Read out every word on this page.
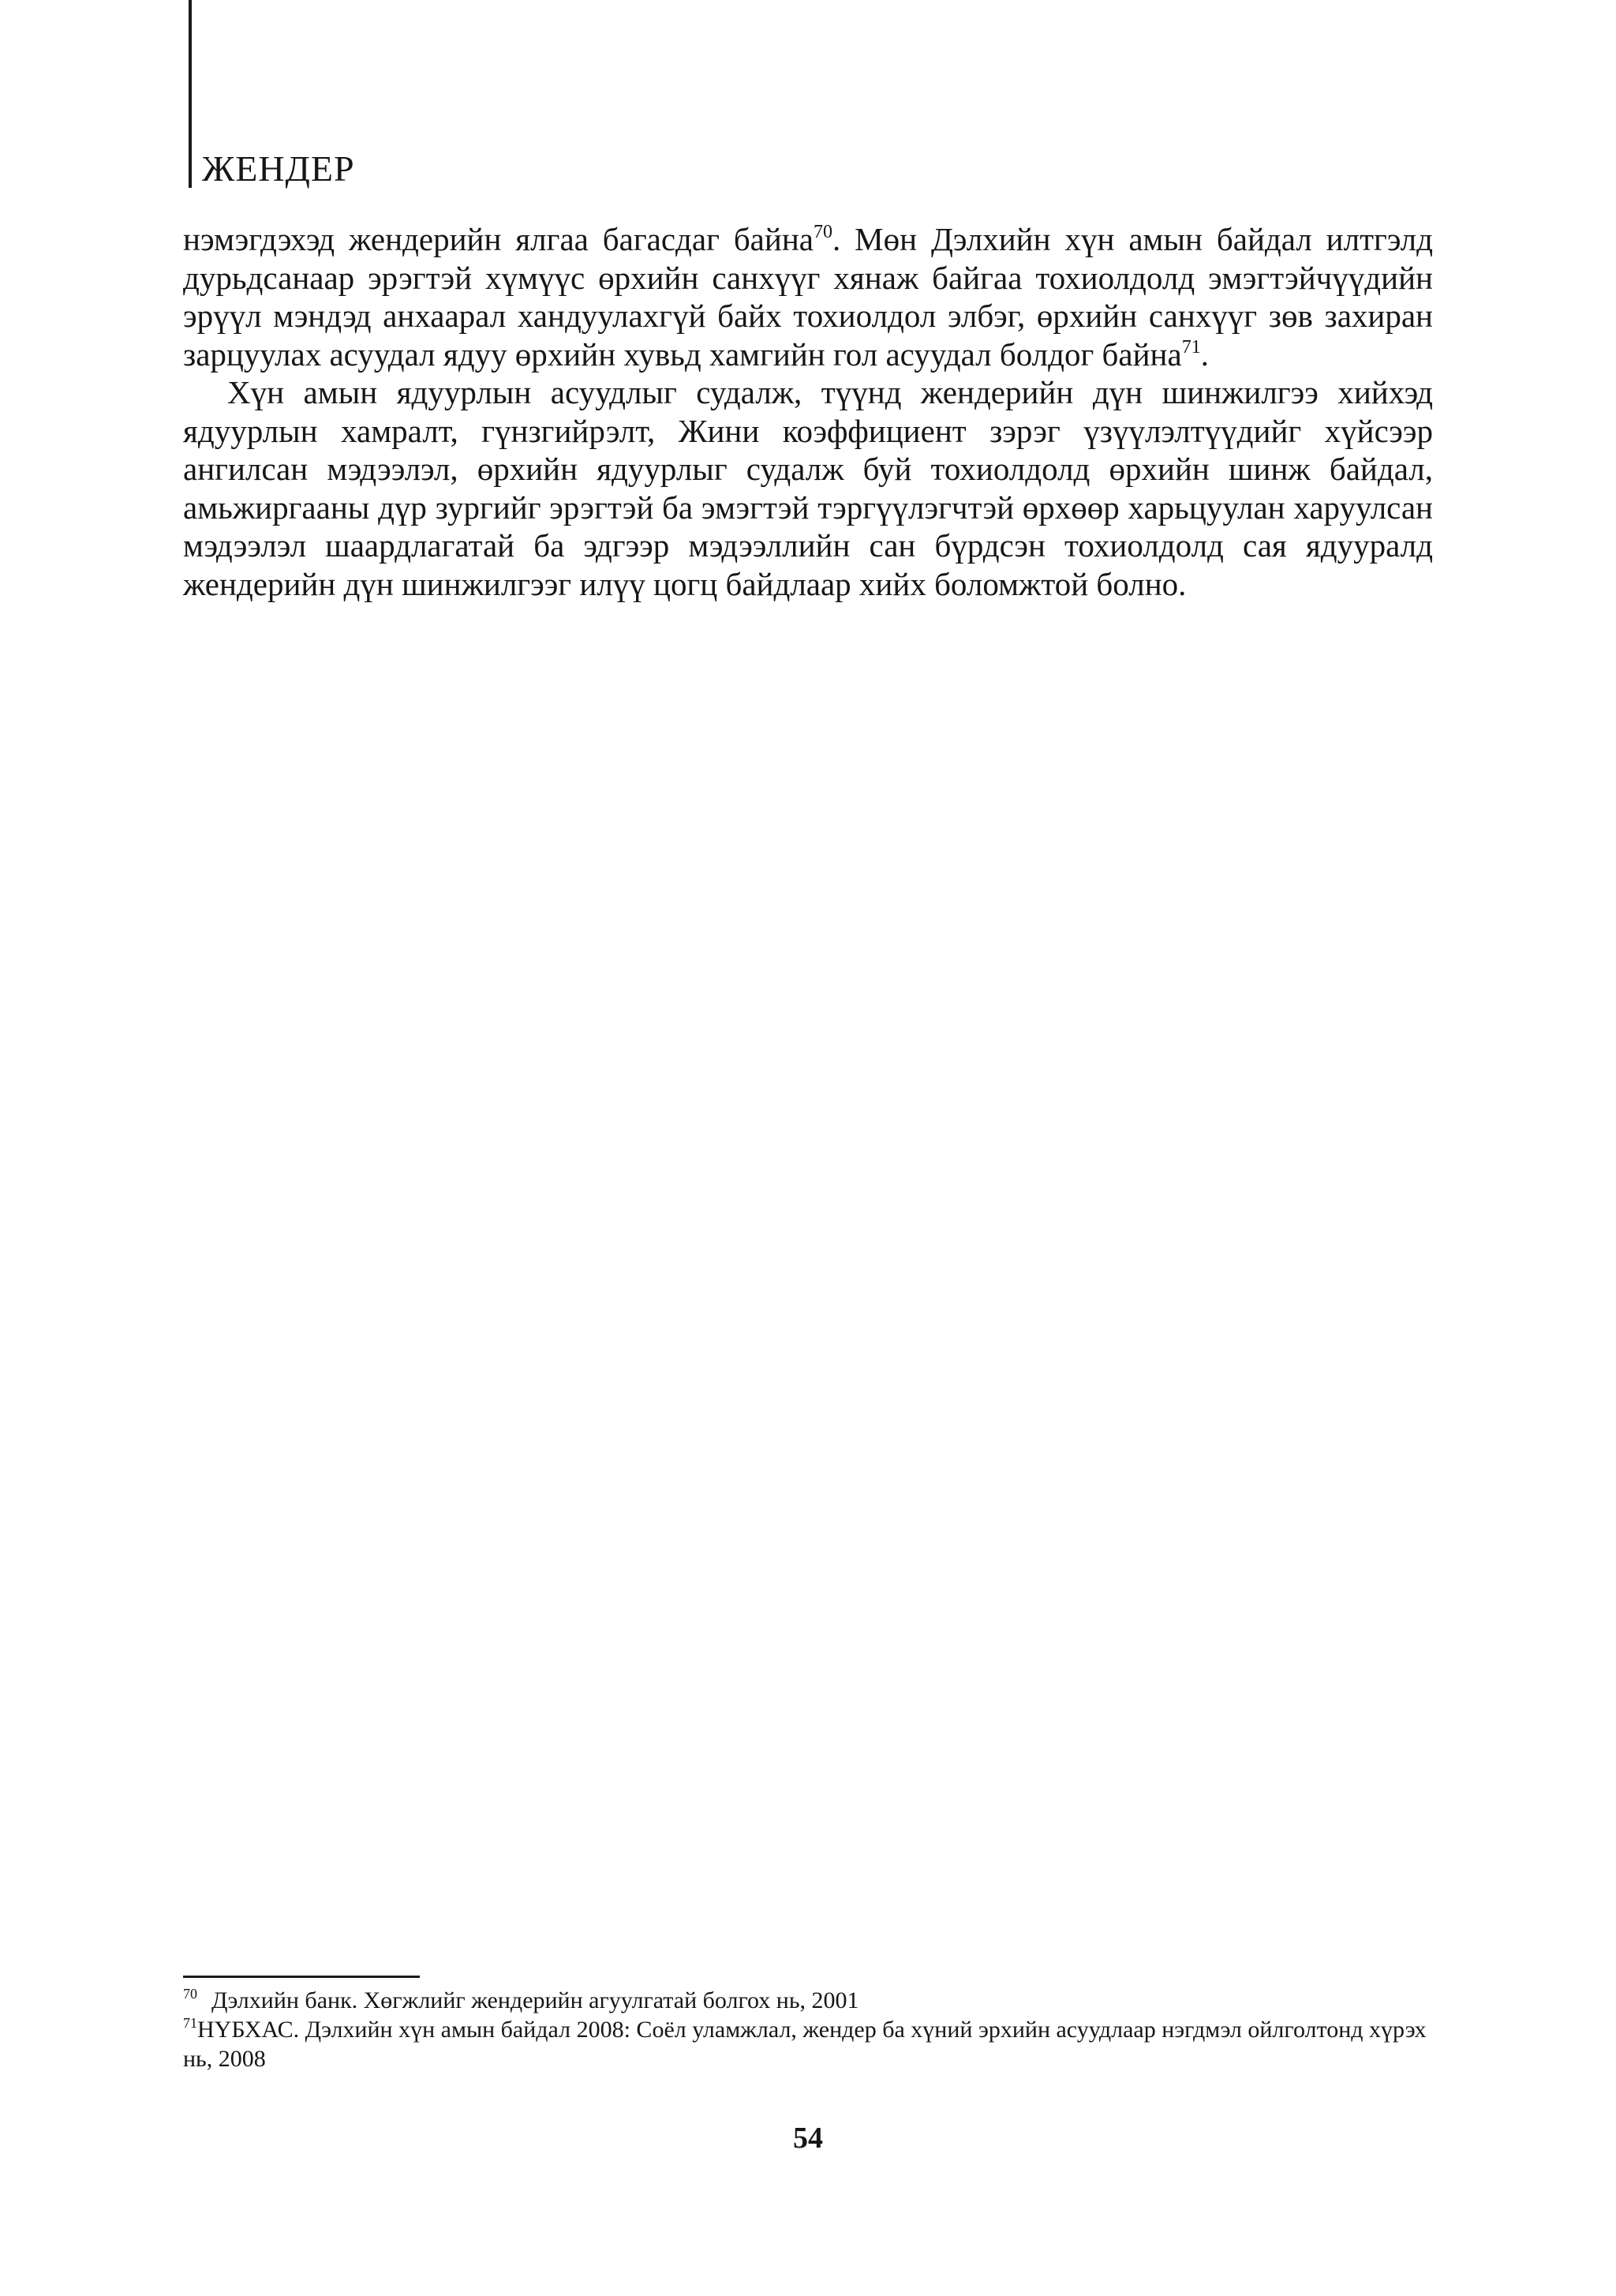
ЖЕНДЕР

нэмэгдэхэд жендерийн ялгаа багасдаг байна$^{70}$. Мөн Дэлхийн хүн амын байдал илтгэлд дурьдсанаар эрэгтэй хүмүүс өрхийн санхүүг хянаж байгаа тохиолдолд эмэгтэйчүүдийн эрүүл мэндэд анхаарал хандуулахгүй байх тохиолдол элбэг, өрхийн санхүүг зөв захиран зарцуулах асуудал ядуу өрхийн хувьд хамгийн гол асуудал болдог байна$^{71}$.

Хүн амын ядуурлын асуудлыг судалж, түүнд жендерийн дүн шинжилгээ хийхэд ядуурлын хамралт, гүнзгийрэлт, Жини коэффициент зэрэг үзүүлэлтүүдийг хүйсээр ангилсан мэдээлэл, өрхийн ядуурлыг судалж буй тохиолдолд өрхийн шинж байдал, амьжиргааны дүр зургийг эрэгтэй ба эмэгтэй тэргүүлэгчтэй өрхөөр харьцуулан харуулсан мэдээлэл шаардлагатай ба эдгээр мэдээллийн сан бүрдсэн тохиолдолд сая ядууралд жендерийн дүн шинжилгээг илүү цогц байдлаар хийх боломжтой болно.

$^{70}$ Дэлхийн банк. Хөгжлийг жендерийн агуулгатай болгох нь, 2001

$^{71}$НҮБХАС. Дэлхийн хүн амын байдал 2008: Соёл уламжлал, жендер ба хүний эрхийн асуудлаар нэгдмэл ойлголтонд хүрэх нь, 2008

54
